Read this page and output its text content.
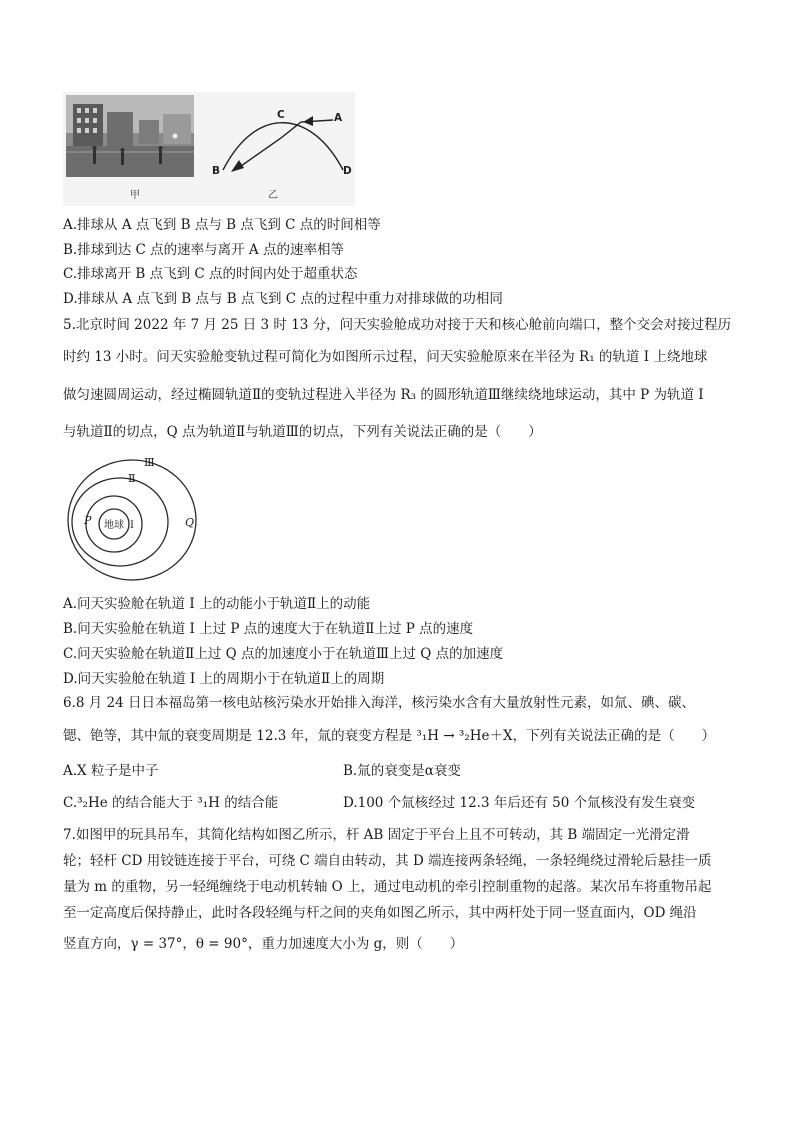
甲
A
B
C
D
乙
A.排球从 A 点飞到 B 点与 B 点飞到 C 点的时间相等
B.排球到达 C 点的速率与离开 A 点的速率相等
C.排球离开 B 点飞到 C 点的时间内处于超重状态
D.排球从 A 点飞到 B 点与 B 点飞到 C 点的过程中重力对排球做的功相同
5.北京时间 2022 年 7 月 25 日 3 时 13 分，问天实验舱成功对接于天和核心舱前向端口，整个交会对接过程历
时约 13 小时。问天实验舱变轨过程可简化为如图所示过程，问天实验舱原来在半径为 R₁ 的轨道 I 上绕地球
做匀速圆周运动，经过椭圆轨道Ⅱ的变轨过程进入半径为 R₃ 的圆形轨道Ⅲ继续绕地球运动，其中 P 为轨道 I
与轨道Ⅱ的切点，Q 点为轨道Ⅱ与轨道Ⅲ的切点，下列有关说法正确的是（　　）
地球 I
Ⅱ
Ⅲ
P	Q
A.问天实验舱在轨道 I 上的动能小于轨道Ⅱ上的动能
B.问天实验舱在轨道 I 上过 P 点的速度大于在轨道Ⅱ上过 P 点的速度
C.问天实验舱在轨道Ⅱ上过 Q 点的加速度小于在轨道Ⅲ上过 Q 点的加速度
D.问天实验舱在轨道 I 上的周期小于在轨道Ⅱ上的周期
6.8 月 24 日日本福岛第一核电站核污染水开始排入海洋，核污染水含有大量放射性元素，如氚、碘、碳、
锶、铯等，其中氚的衰变周期是 12.3 年，氚的衰变方程是 ³₁H → ³₂He＋X，下列有关说法正确的是（　　）
A.X 粒子是中子	B.氚的衰变是α衰变
C.³₂He 的结合能大于 ³₁H 的结合能	D.100 个氚核经过 12.3 年后还有 50 个氚核没有发生衰变
7.如图甲的玩具吊车，其简化结构如图乙所示，杆 AB 固定于平台上且不可转动，其 B 端固定一光滑定滑
轮；轻杆 CD 用铰链连接于平台，可绕 C 端自由转动，其 D 端连接两条轻绳，一条轻绳绕过滑轮后悬挂一质
量为 m 的重物，另一轻绳缠绕于电动机转轴 O 上，通过电动机的牵引控制重物的起落。某次吊车将重物吊起
至一定高度后保持静止，此时各段轻绳与杆之间的夹角如图乙所示，其中两杆处于同一竖直面内，OD 绳沿
竖直方向，γ = 37°，θ = 90°，重力加速度大小为 g，则（　　）
